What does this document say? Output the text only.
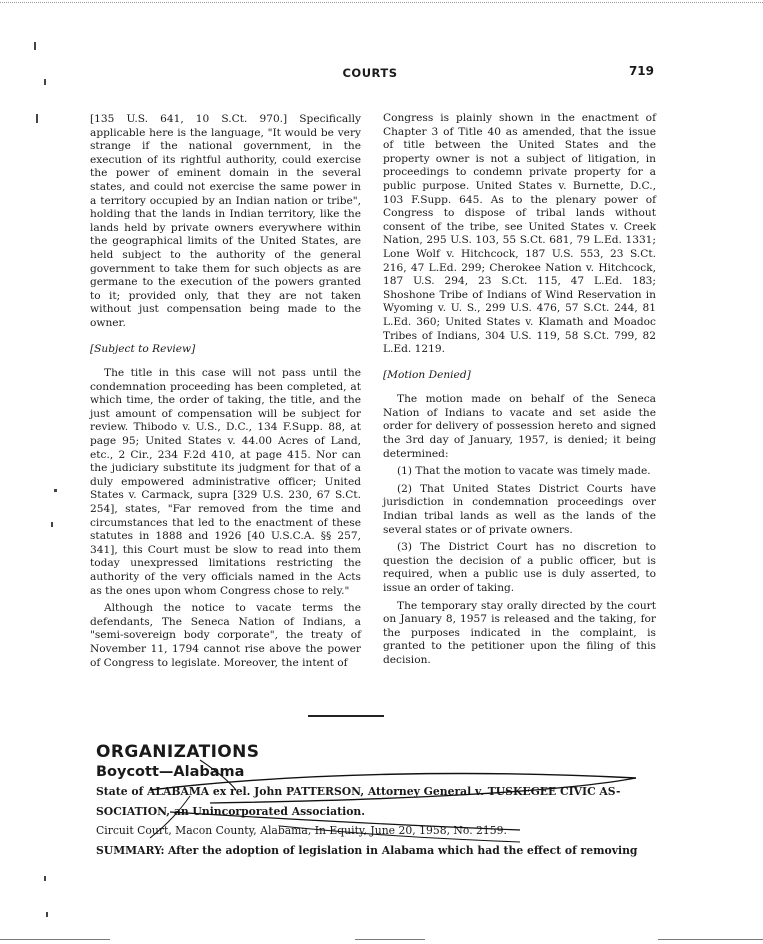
COURTS	719

[135 U.S. 641, 10 S.Ct. 970.] Specifically applicable here is the language, "It would be very strange if the national government, in the execution of its rightful authority, could exercise the power of eminent domain in the several states, and could not exercise the same power in a territory occupied by an Indian nation or tribe", holding that the lands in Indian territory, like the lands held by private owners everywhere within the geographical limits of the United States, are held subject to the authority of the general government to take them for such objects as are germane to the execution of the powers granted to it; provided only, that they are not taken without just compensation being made to the owner.

[Subject to Review]

The title in this case will not pass until the condemnation proceeding has been completed, at which time, the order of taking, the title, and the just amount of compensation will be subject for review. Thibodo v. U.S., D.C., 134 F.Supp. 88, at page 95; United States v. 44.00 Acres of Land, etc., 2 Cir., 234 F.2d 410, at page 415. Nor can the judiciary substitute its judgment for that of a duly empowered administrative officer; United States v. Carmack, supra [329 U.S. 230, 67 S.Ct. 254], states, "Far removed from the time and circumstances that led to the enactment of these statutes in 1888 and 1926 [40 U.S.C.A. §§ 257, 341], this Court must be slow to read into them today unexpressed limitations restricting the authority of the very officials named in the Acts as the ones upon whom Congress chose to rely."

Although the notice to vacate terms the defendants, The Seneca Nation of Indians, a "semi-sovereign body corporate", the treaty of November 11, 1794 cannot rise above the power of Congress to legislate. Moreover, the intent of

Congress is plainly shown in the enactment of Chapter 3 of Title 40 as amended, that the issue of title between the United States and the property owner is not a subject of litigation, in proceedings to condemn private property for a public purpose. United States v. Burnette, D.C., 103 F.Supp. 645. As to the plenary power of Congress to dispose of tribal lands without consent of the tribe, see United States v. Creek Nation, 295 U.S. 103, 55 S.Ct. 681, 79 L.Ed. 1331; Lone Wolf v. Hitchcock, 187 U.S. 553, 23 S.Ct. 216, 47 L.Ed. 299; Cherokee Nation v. Hitchcock, 187 U.S. 294, 23 S.Ct. 115, 47 L.Ed. 183; Shoshone Tribe of Indians of Wind Reservation in Wyoming v. U. S., 299 U.S. 476, 57 S.Ct. 244, 81 L.Ed. 360; United States v. Klamath and Moadoc Tribes of Indians, 304 U.S. 119, 58 S.Ct. 799, 82 L.Ed. 1219.

[Motion Denied]

The motion made on behalf of the Seneca Nation of Indians to vacate and set aside the order for delivery of possession hereto and signed the 3rd day of January, 1957, is denied; it being determined:

(1) That the motion to vacate was timely made.

(2) That United States District Courts have jurisdiction in condemnation proceedings over Indian tribal lands as well as the lands of the several states or of private owners.

(3) The District Court has no discretion to question the decision of a public officer, but is required, when a public use is duly asserted, to issue an order of taking.

The temporary stay orally directed by the court on January 8, 1957 is released and the taking, for the purposes indicated in the complaint, is granted to the petitioner upon the filing of this decision.

ORGANIZATIONS
Boycott—Alabama
State of ALABAMA ex rel. John PATTERSON, Attorney General v. TUSKEGEE CIVIC AS-
SOCIATION, an Unincorporated Association.
Circuit Court, Macon County, Alabama, In Equity, June 20, 1958, No. 2159.
SUMMARY: After the adoption of legislation in Alabama which had the effect of removing
